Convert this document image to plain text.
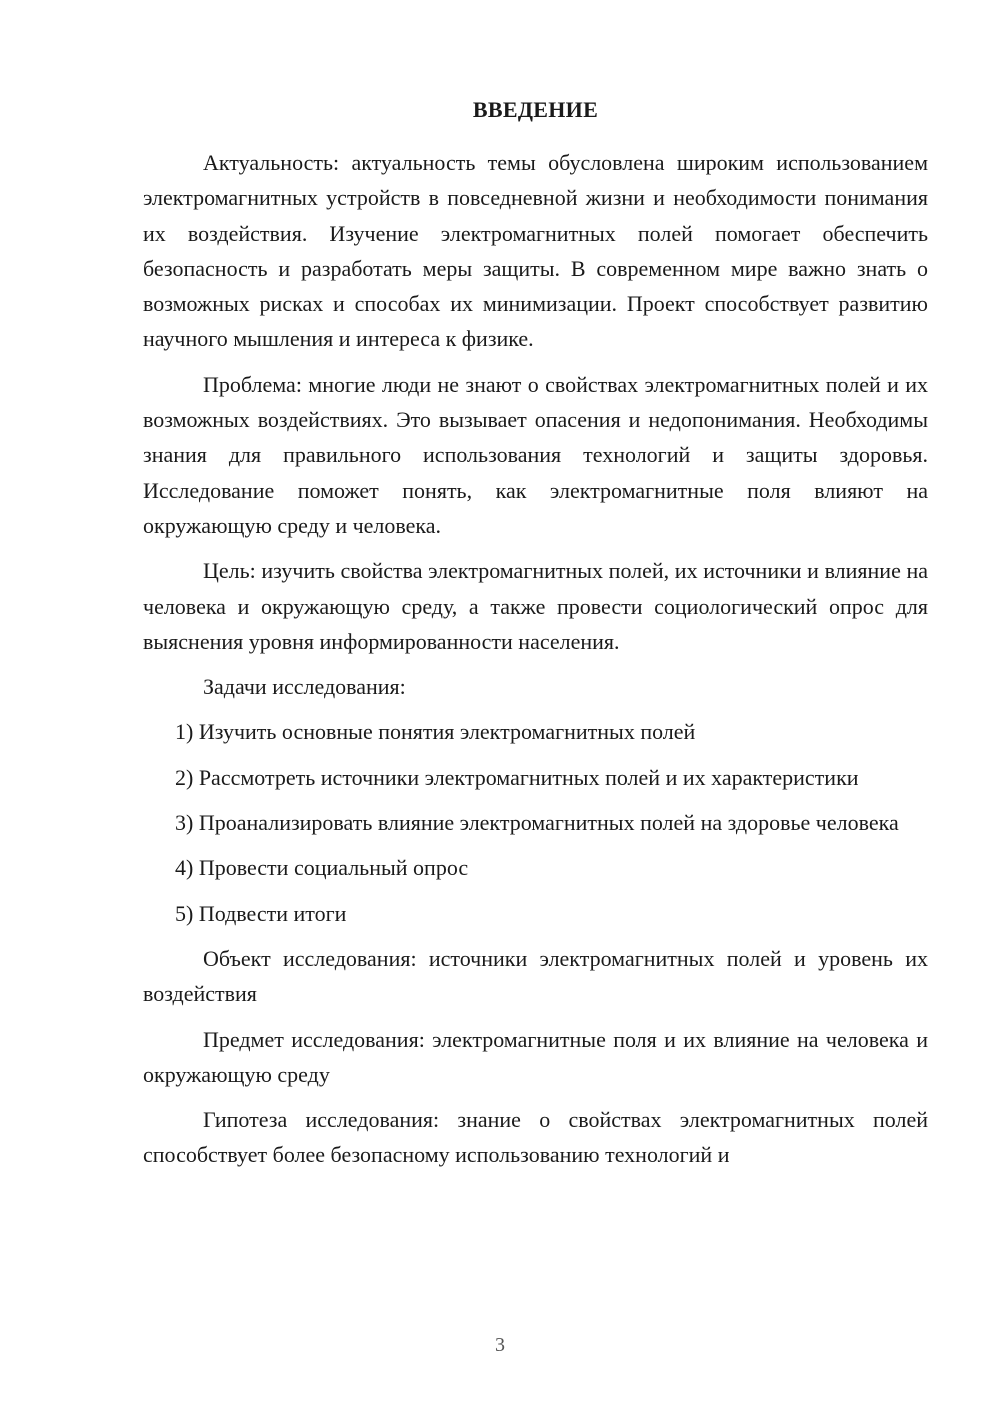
ВВЕДЕНИЕ

Актуальность: актуальность темы обусловлена широким использованием электромагнитных устройств в повседневной жизни и необходимости понимания их воздействия. Изучение электромагнитных полей помогает обеспечить безопасность и разработать меры защиты. В современном мире важно знать о возможных рисках и способах их минимизации. Проект способствует развитию научного мышления и интереса к физике.

Проблема: многие люди не знают о свойствах электромагнитных полей и их возможных воздействиях. Это вызывает опасения и недопонимания. Необходимы знания для правильного использования технологий и защиты здоровья. Исследование поможет понять, как электромагнитные поля влияют на окружающую среду и человека.

Цель: изучить свойства электромагнитных полей, их источники и влияние на человека и окружающую среду, а также провести социологический опрос для выяснения уровня информированности населения.

Задачи исследования:

1) Изучить основные понятия электромагнитных полей

2) Рассмотреть источники электромагнитных полей и их характеристики

3) Проанализировать влияние электромагнитных полей на здоровье человека

4) Провести социальный опрос

5) Подвести итоги

Объект исследования: источники электромагнитных полей и уровень их воздействия

Предмет исследования: электромагнитные поля и их влияние на человека и окружающую среду

Гипотеза исследования: знание о свойствах электромагнитных полей способствует более безопасному использованию технологий и

3
